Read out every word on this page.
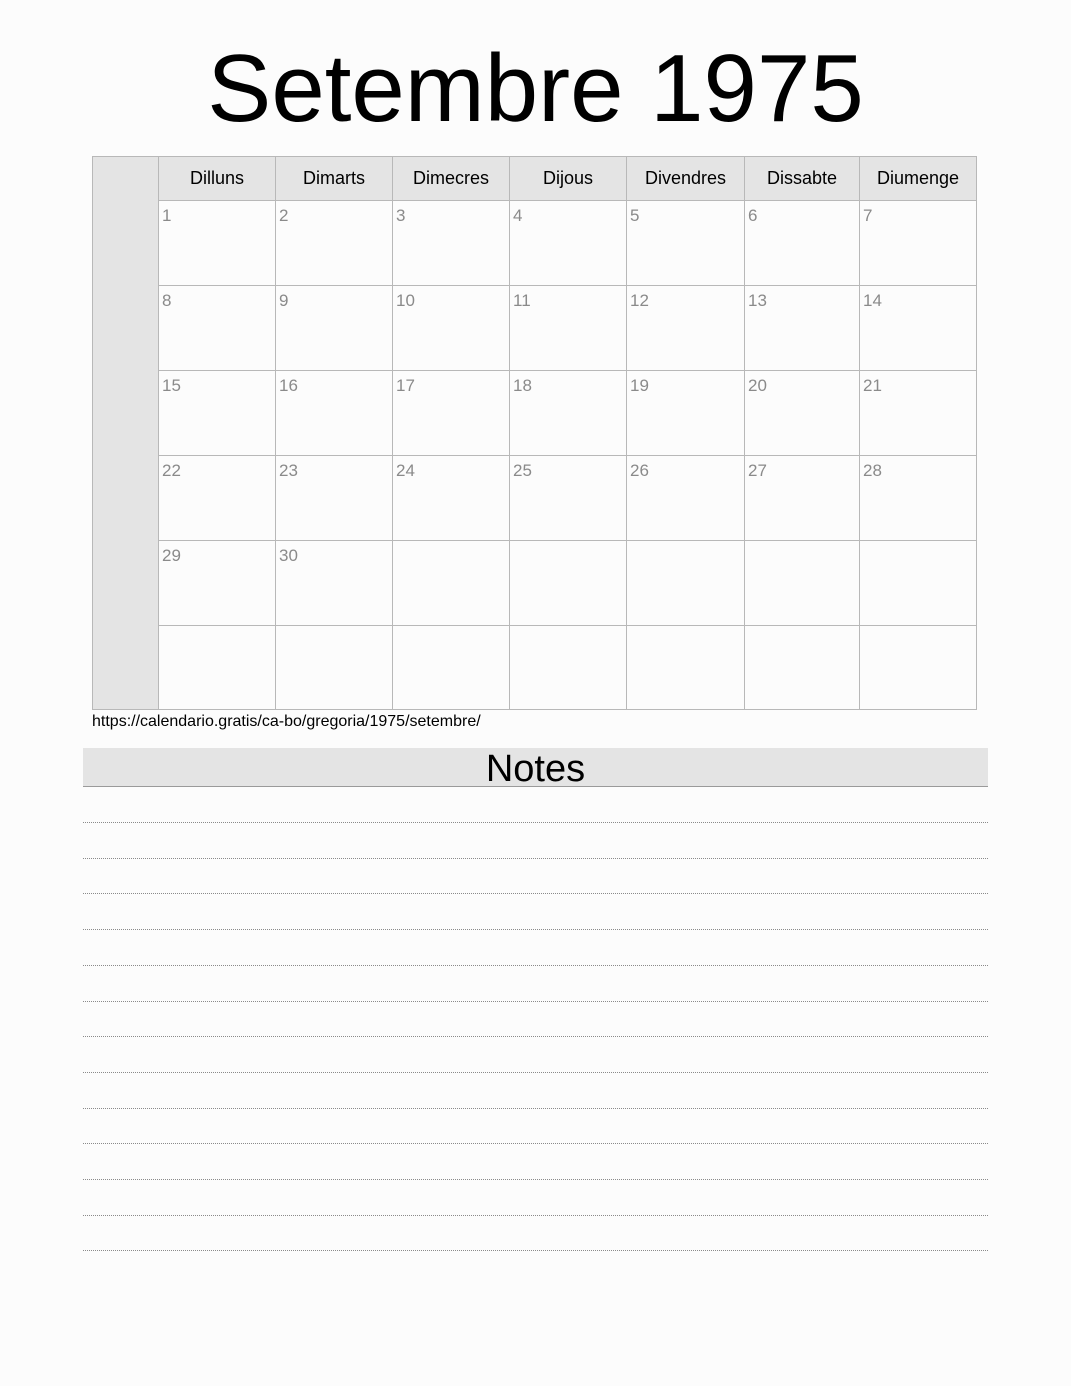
Setembre 1975
Dilluns	Dimarts	Dimecres	Dijous	Divendres	Dissabte	Diumenge
1	2	3	4	5	6	7
8	9	10	11	12	13	14
15	16	17	18	19	20	21
22	23	24	25	26	27	28
29	30
https://calendario.gratis/ca-bo/gregoria/1975/setembre/
Notes
